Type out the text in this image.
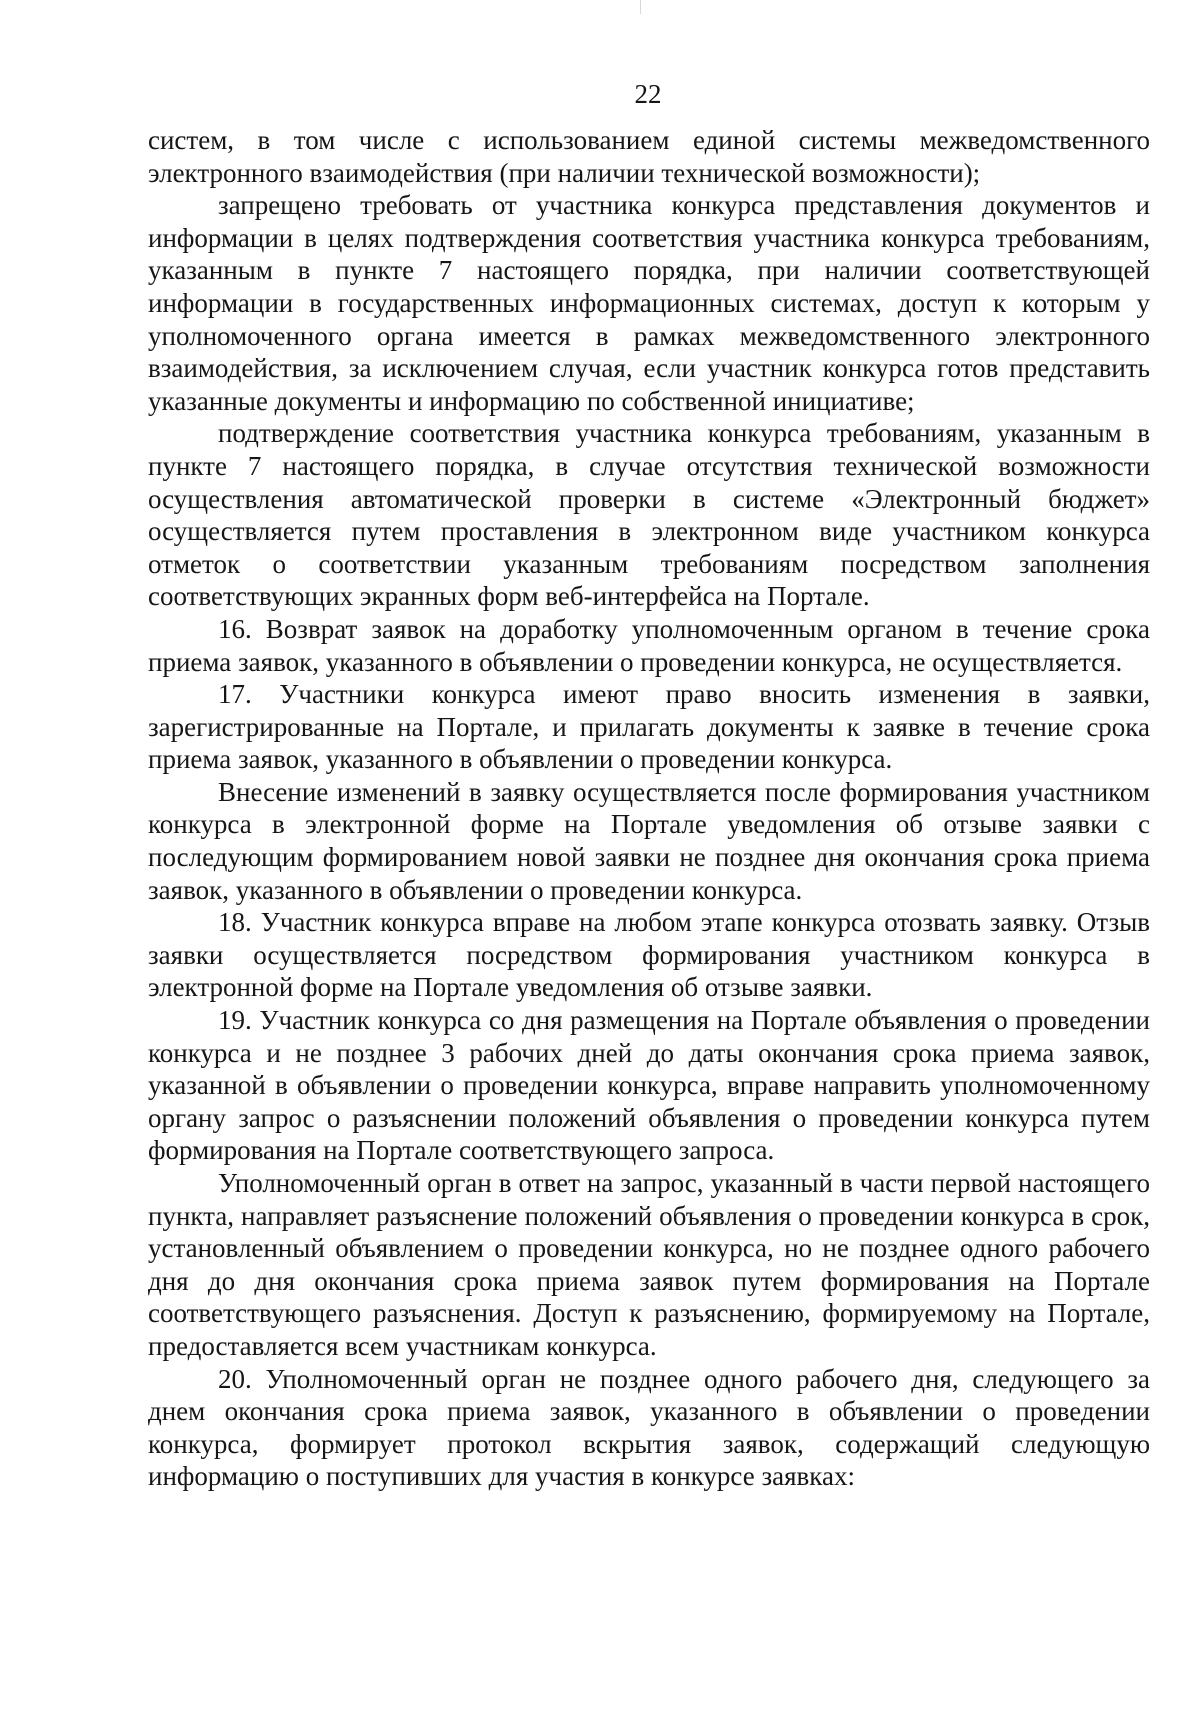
22

систем, в том числе с использованием единой системы межведомственного электронного взаимодействия (при наличии технической возможности);

запрещено требовать от участника конкурса представления документов и информации в целях подтверждения соответствия участника конкурса требованиям, указанным в пункте 7 настоящего порядка, при наличии соответствующей информации в государственных информационных системах, доступ к которым у уполномоченного органа имеется в рамках межведомственного электронного взаимодействия, за исключением случая, если участник конкурса готов представить указанные документы и информацию по собственной инициативе;

подтверждение соответствия участника конкурса требованиям, указанным в пункте 7 настоящего порядка, в случае отсутствия технической возможности осуществления автоматической проверки в системе «Электронный бюджет» осуществляется путем проставления в электронном виде участником конкурса отметок о соответствии указанным требованиям посредством заполнения соответствующих экранных форм веб-интерфейса на Портале.

16. Возврат заявок на доработку уполномоченным органом в течение срока приема заявок, указанного в объявлении о проведении конкурса, не осуществляется.

17. Участники конкурса имеют право вносить изменения в заявки, зарегистрированные на Портале, и прилагать документы к заявке в течение срока приема заявок, указанного в объявлении о проведении конкурса.

Внесение изменений в заявку осуществляется после формирования участником конкурса в электронной форме на Портале уведомления об отзыве заявки с последующим формированием новой заявки не позднее дня окончания срока приема заявок, указанного в объявлении о проведении конкурса.

18. Участник конкурса вправе на любом этапе конкурса отозвать заявку. Отзыв заявки осуществляется посредством формирования участником конкурса в электронной форме на Портале уведомления об отзыве заявки.

19. Участник конкурса со дня размещения на Портале объявления о проведении конкурса и не позднее 3 рабочих дней до даты окончания срока приема заявок, указанной в объявлении о проведении конкурса, вправе направить уполномоченному органу запрос о разъяснении положений объявления о проведении конкурса путем формирования на Портале соответствующего запроса.

Уполномоченный орган в ответ на запрос, указанный в части первой настоящего пункта, направляет разъяснение положений объявления о проведении конкурса в срок, установленный объявлением о проведении конкурса, но не позднее одного рабочего дня до дня окончания срока приема заявок путем формирования на Портале соответствующего разъяснения. Доступ к разъяснению, формируемому на Портале, предоставляется всем участникам конкурса.

20. Уполномоченный орган не позднее одного рабочего дня, следующего за днем окончания срока приема заявок, указанного в объявлении о проведении конкурса, формирует протокол вскрытия заявок, содержащий следующую информацию о поступивших для участия в конкурсе заявках:
